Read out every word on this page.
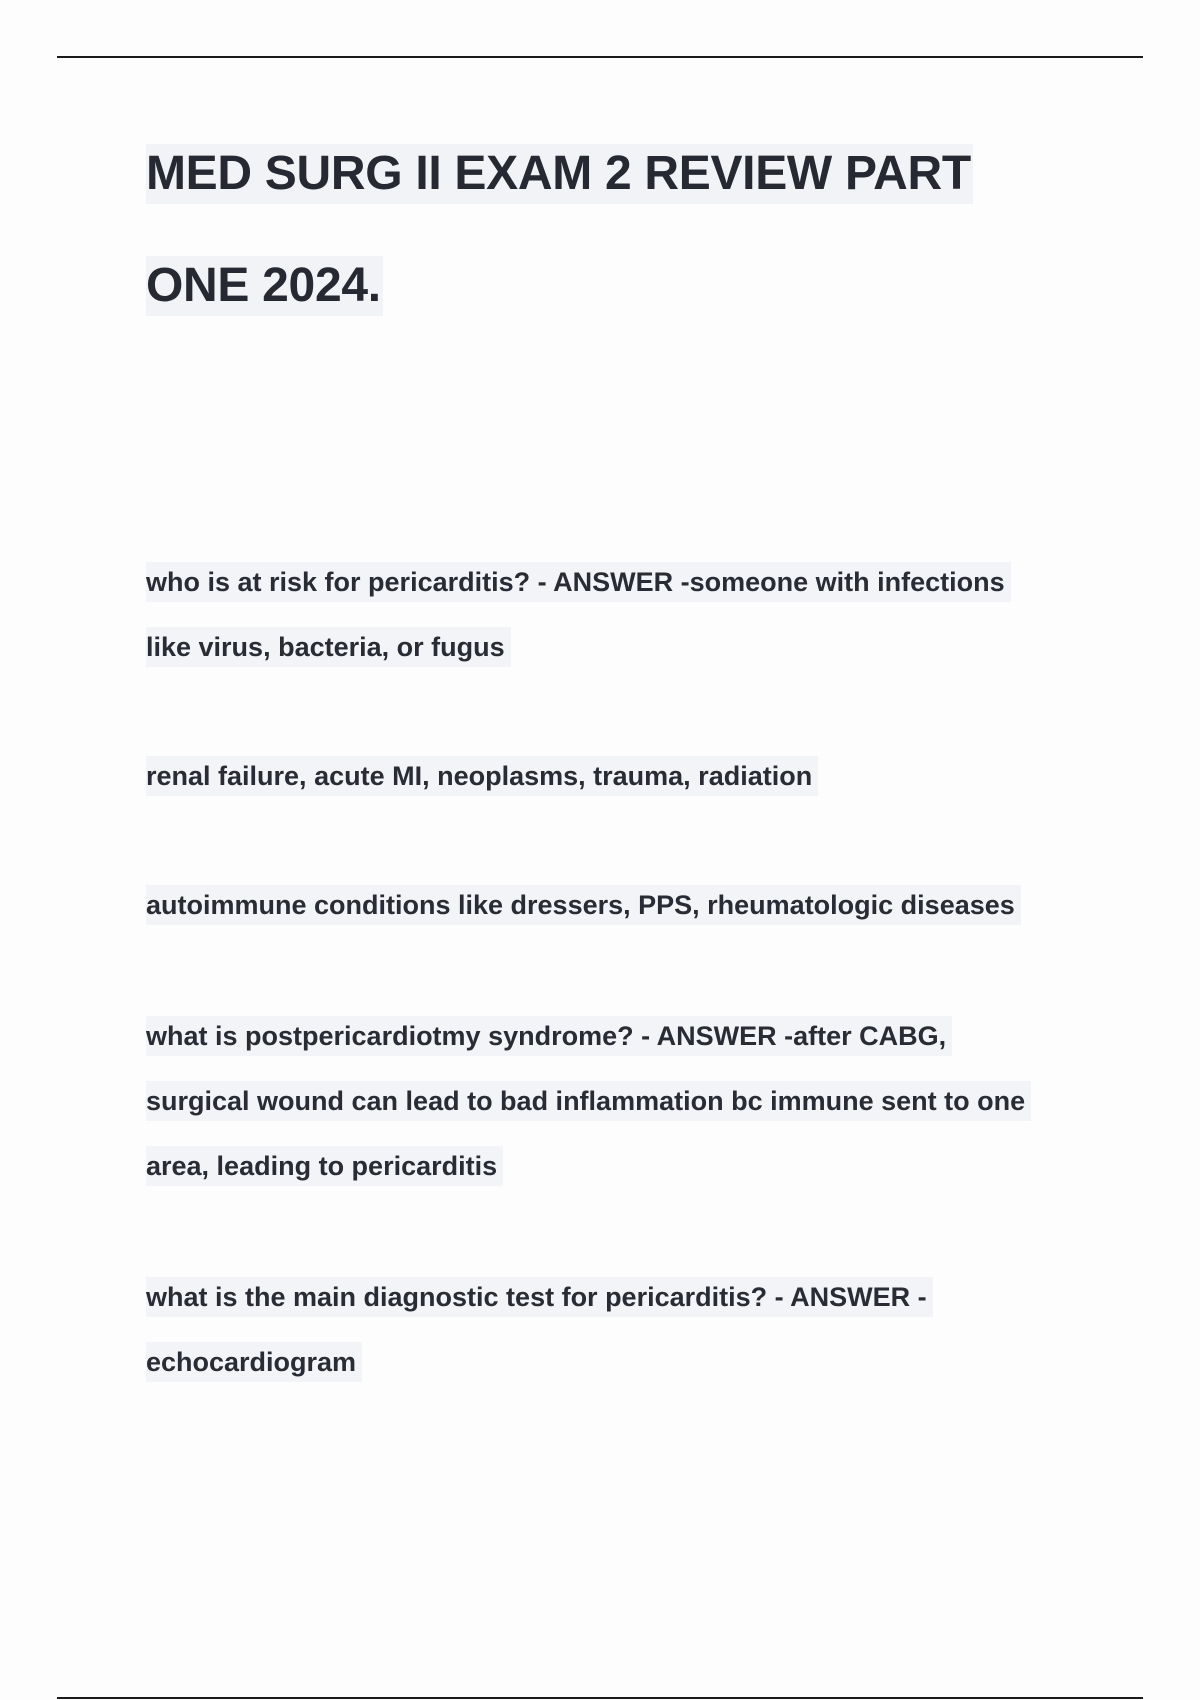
MED SURG II EXAM 2 REVIEW PART
ONE 2024.
who is at risk for pericarditis? - ANSWER -someone with infections
like virus, bacteria, or fugus
renal failure, acute MI, neoplasms, trauma, radiation
autoimmune conditions like dressers, PPS, rheumatologic diseases
what is postpericardiotmy syndrome? - ANSWER -after CABG,
surgical wound can lead to bad inflammation bc immune sent to one
area, leading to pericarditis
what is the main diagnostic test for pericarditis? - ANSWER -
echocardiogram
